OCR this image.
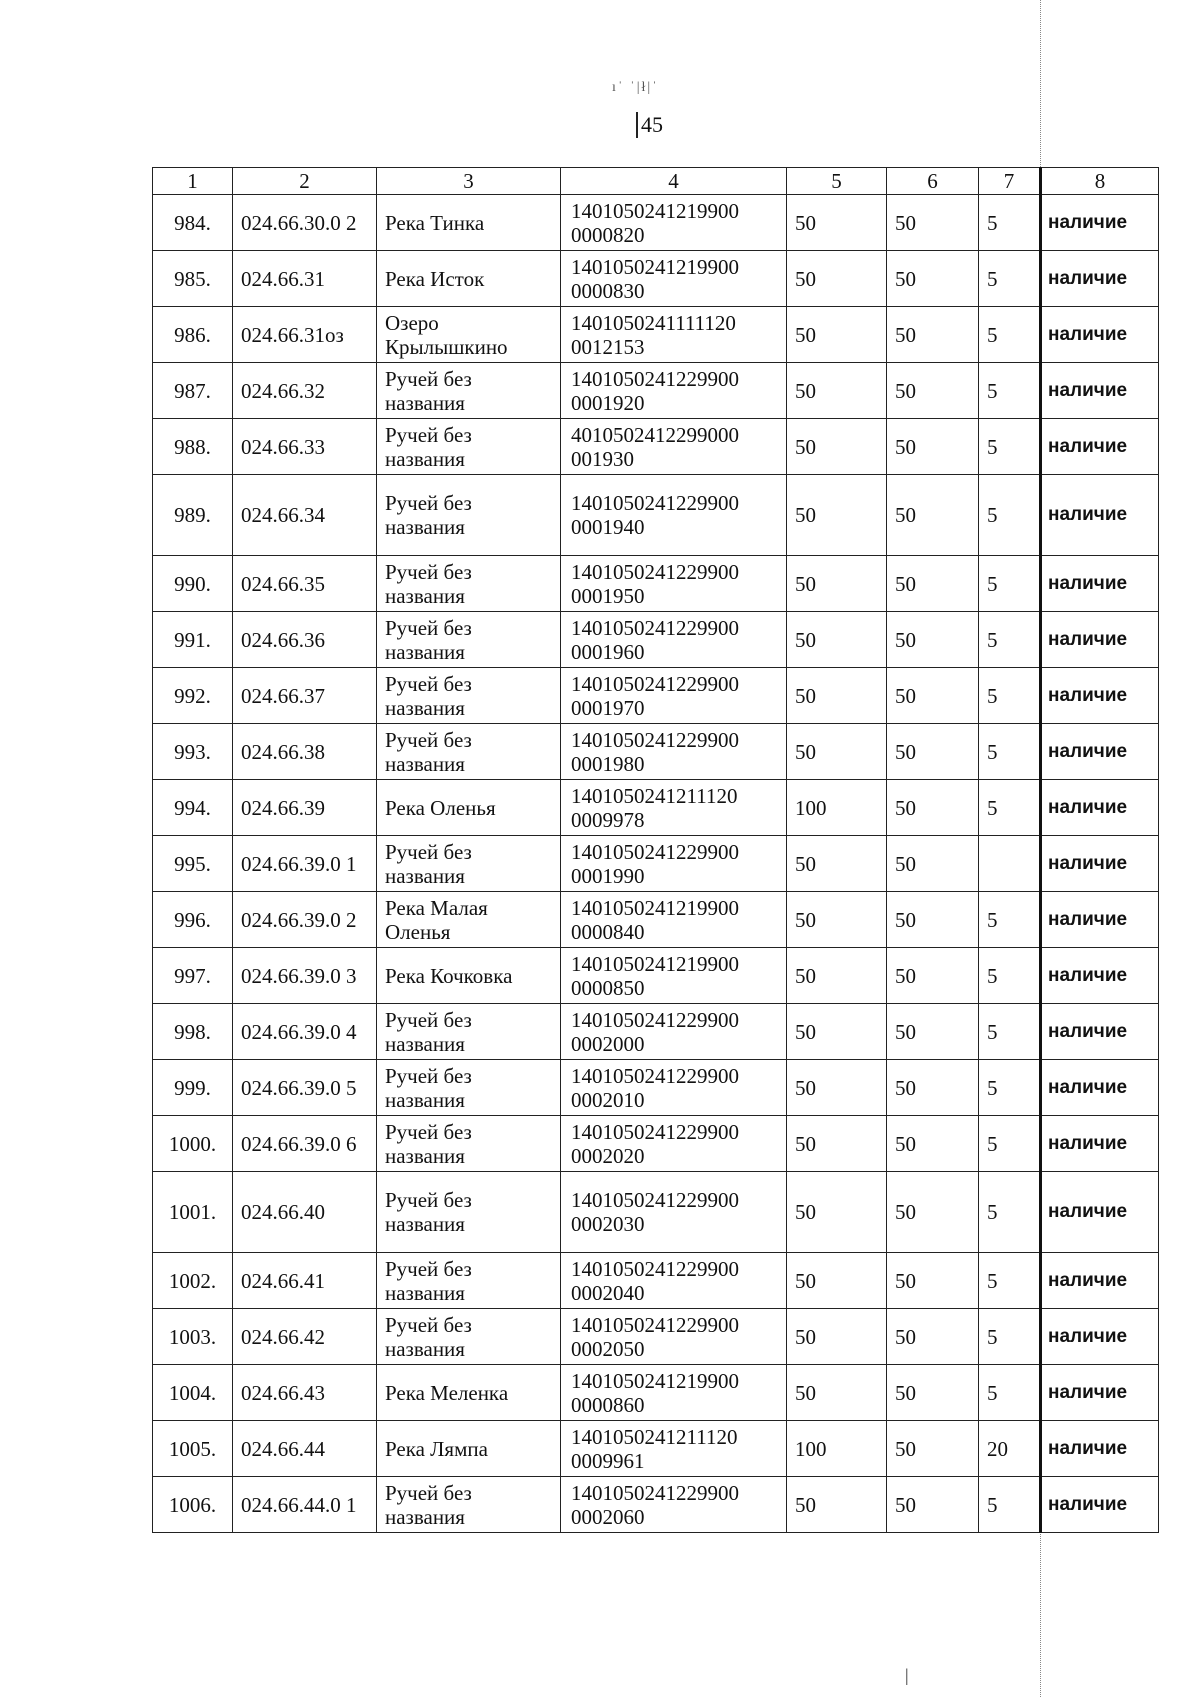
ıˈ ˈ|ł|ˈ
45
1	2	3	4	5	6	7	8
984.	024.66.30.0 2	Река Тинка	1401050241219900 0000820	50	50	5	наличие
985.	024.66.31	Река Исток	1401050241219900 0000830	50	50	5	наличие
986.	024.66.31оз	Озеро Крылышкино	1401050241111120 0012153	50	50	5	наличие
987.	024.66.32	Ручей без названия	1401050241229900 0001920	50	50	5	наличие
988.	024.66.33	Ручей без названия	4010502412299000 001930	50	50	5	наличие
989.	024.66.34	Ручей без названия	1401050241229900 0001940	50	50	5	наличие
990.	024.66.35	Ручей без названия	1401050241229900 0001950	50	50	5	наличие
991.	024.66.36	Ручей без названия	1401050241229900 0001960	50	50	5	наличие
992.	024.66.37	Ручей без названия	1401050241229900 0001970	50	50	5	наличие
993.	024.66.38	Ручей без названия	1401050241229900 0001980	50	50	5	наличие
994.	024.66.39	Река Оленья	1401050241211120 0009978	100	50	5	наличие
995.	024.66.39.0 1	Ручей без названия	1401050241229900 0001990	50	50		наличие
996.	024.66.39.0 2	Река Малая Оленья	1401050241219900 0000840	50	50	5	наличие
997.	024.66.39.0 3	Река Кочковка	1401050241219900 0000850	50	50	5	наличие
998.	024.66.39.0 4	Ручей без названия	1401050241229900 0002000	50	50	5	наличие
999.	024.66.39.0 5	Ручей без названия	1401050241229900 0002010	50	50	5	наличие
1000.	024.66.39.0 6	Ручей без названия	1401050241229900 0002020	50	50	5	наличие
1001.	024.66.40	Ручей без названия	1401050241229900 0002030	50	50	5	наличие
1002.	024.66.41	Ручей без названия	1401050241229900 0002040	50	50	5	наличие
1003.	024.66.42	Ручей без названия	1401050241229900 0002050	50	50	5	наличие
1004.	024.66.43	Река Меленка	1401050241219900 0000860	50	50	5	наличие
1005.	024.66.44	Река Лямпа	1401050241211120 0009961	100	50	20	наличие
1006.	024.66.44.0 1	Ручей без названия	1401050241229900 0002060	50	50	5	наличие
|
